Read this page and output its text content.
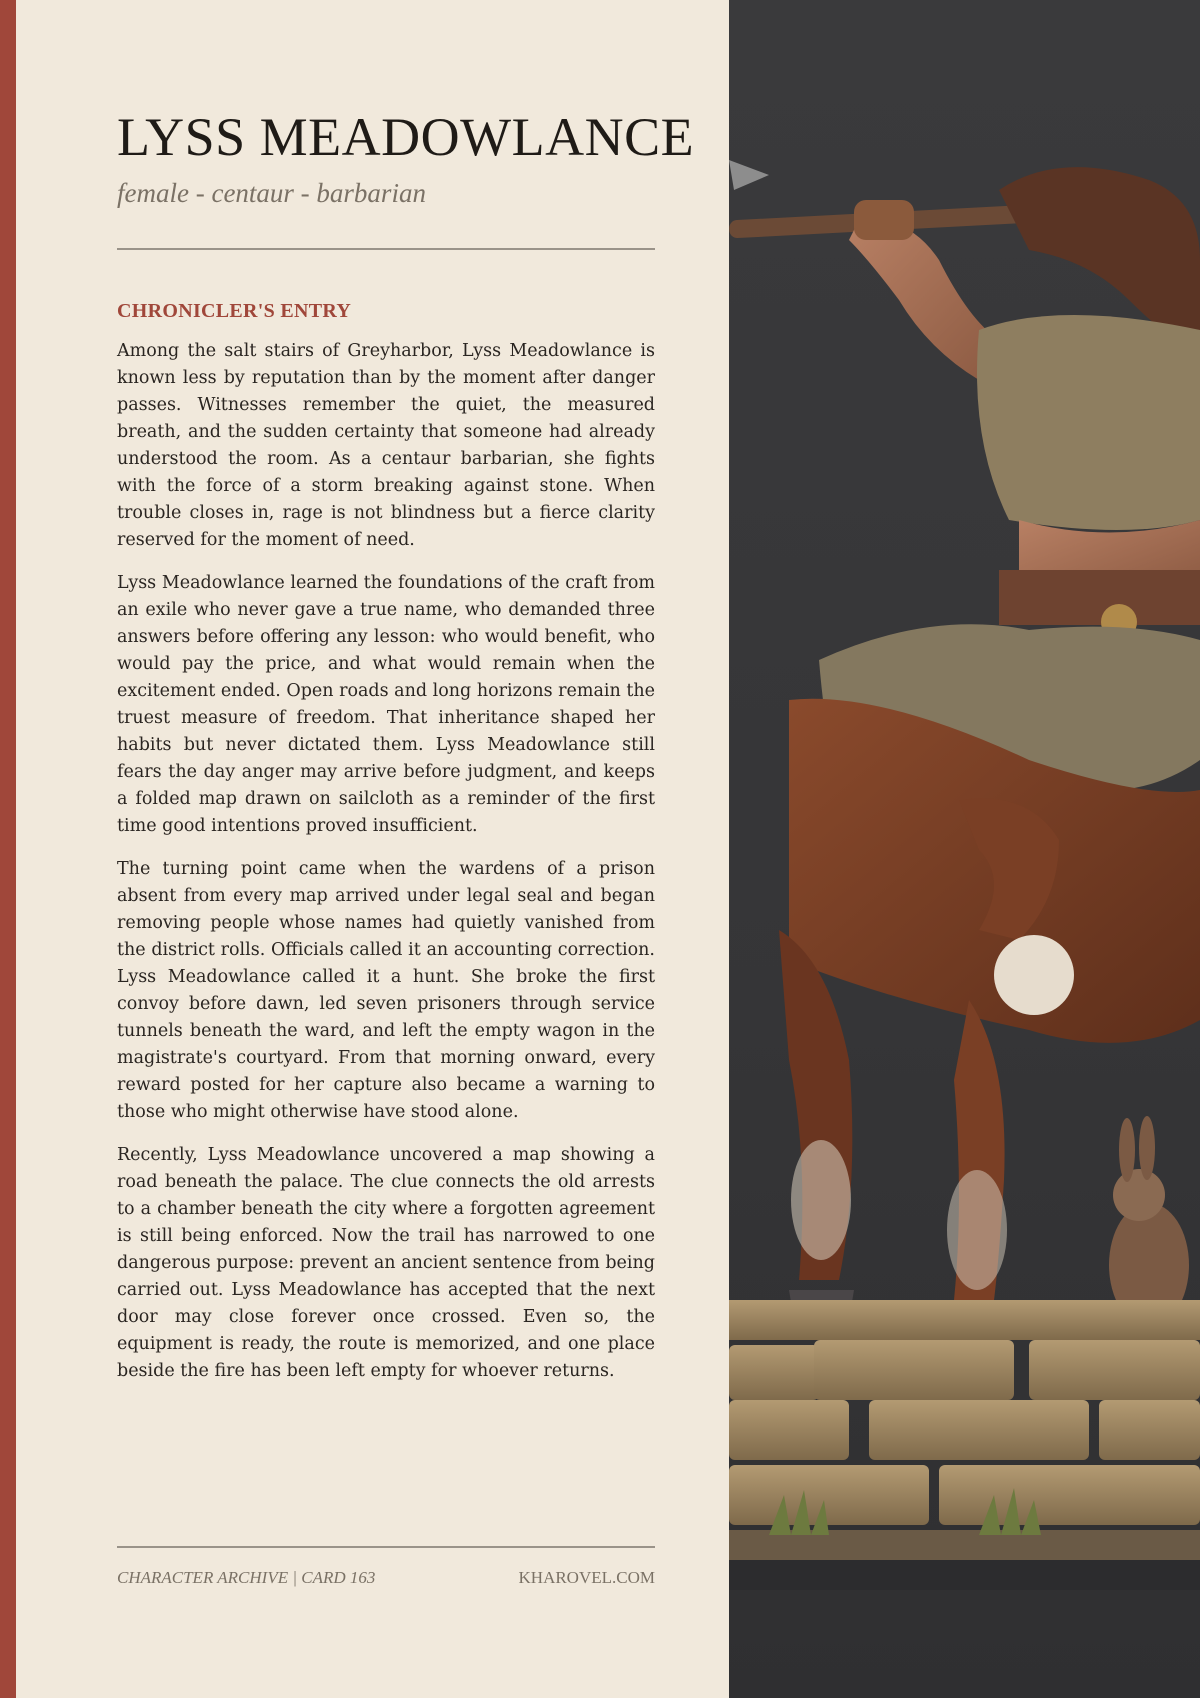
LYSS MEADOWLANCE
female - centaur - barbarian
CHRONICLER'S ENTRY

Among the salt stairs of Greyharbor, Lyss Meadowlance is known less by reputation than by the moment after danger passes. Witnesses remember the quiet, the measured breath, and the sudden certainty that someone had already understood the room. As a centaur barbarian, she fights with the force of a storm breaking against stone. When trouble closes in, rage is not blindness but a fierce clarity reserved for the moment of need.

Lyss Meadowlance learned the foundations of the craft from an exile who never gave a true name, who demanded three answers before offering any lesson: who would benefit, who would pay the price, and what would remain when the excitement ended. Open roads and long horizons remain the truest measure of freedom. That inheritance shaped her habits but never dictated them. Lyss Meadowlance still fears the day anger may arrive before judgment, and keeps a folded map drawn on sailcloth as a reminder of the first time good intentions proved insufficient.

The turning point came when the wardens of a prison absent from every map arrived under legal seal and began removing people whose names had quietly vanished from the district rolls. Officials called it an accounting correction. Lyss Meadowlance called it a hunt. She broke the first convoy before dawn, led seven prisoners through service tunnels beneath the ward, and left the empty wagon in the magistrate's courtyard. From that morning onward, every reward posted for her capture also became a warning to those who might otherwise have stood alone.

Recently, Lyss Meadowlance uncovered a map showing a road beneath the palace. The clue connects the old arrests to a chamber beneath the city where a forgotten agreement is still being enforced. Now the trail has narrowed to one dangerous purpose: prevent an ancient sentence from being carried out. Lyss Meadowlance has accepted that the next door may close forever once crossed. Even so, the equipment is ready, the route is memorized, and one place beside the fire has been left empty for whoever returns.

CHARACTER ARCHIVE | CARD 163	KHAROVEL.COM
